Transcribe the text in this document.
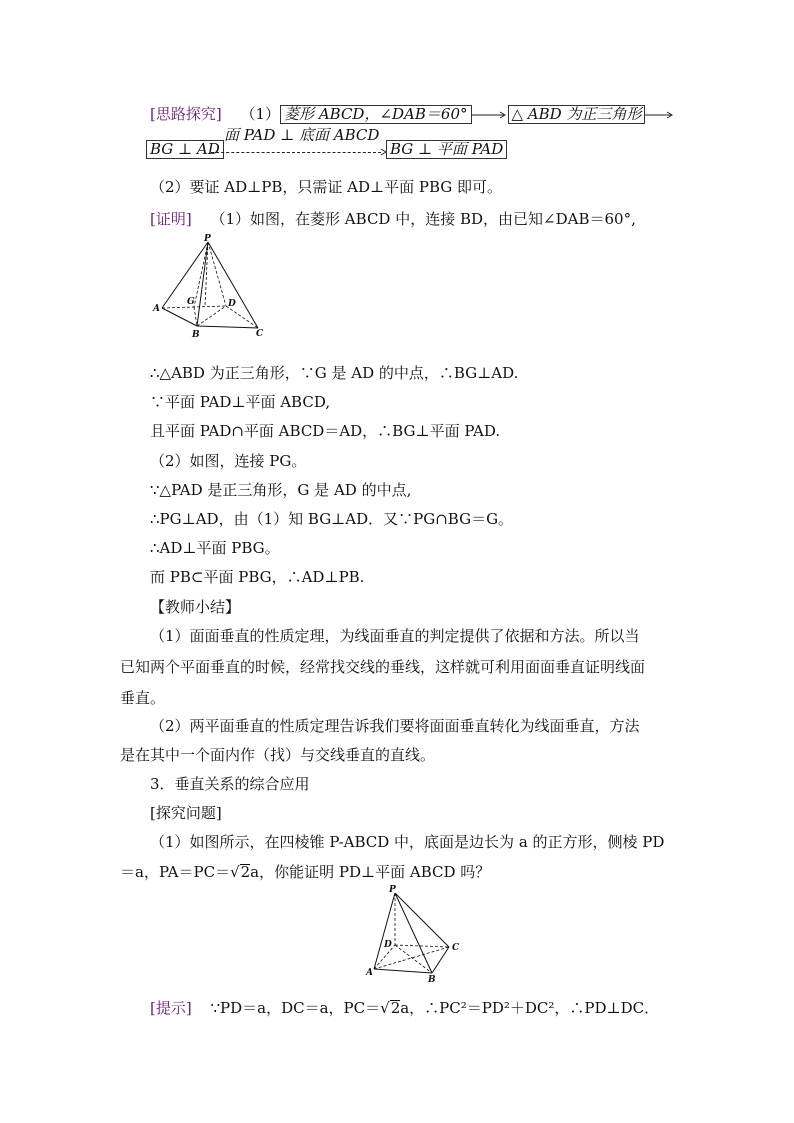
[思路探究] （1） 菱形 ABCD，∠DAB＝60°	△ ABD 为正三角形
面 PAD ⊥ 底面 ABCD
BG ⊥ AD	BG ⊥ 平面 PAD
（2）要证 AD⊥PB，只需证 AD⊥平面 PBG 即可。
[证明] （1）如图，在菱形 ABCD 中，连接 BD，由已知∠DAB＝60°,
P
A
G	D
B	C
∴△ABD 为正三角形，∵G 是 AD 的中点，∴BG⊥AD.
∵平面 PAD⊥平面 ABCD,
且平面 PAD∩平面 ABCD＝AD，∴BG⊥平面 PAD.
（2）如图，连接 PG。
∵△PAD 是正三角形，G 是 AD 的中点,
∴PG⊥AD，由（1）知 BG⊥AD．又∵PG∩BG＝G。
∴AD⊥平面 PBG。
而 PB⊂平面 PBG，∴AD⊥PB.
【教师小结】
（1）面面垂直的性质定理，为线面垂直的判定提供了依据和方法。所以当
已知两个平面垂直的时候，经常找交线的垂线，这样就可利用面面垂直证明线面
垂直。
（2）两平面垂直的性质定理告诉我们要将面面垂直转化为线面垂直，方法
是在其中一个面内作（找）与交线垂直的直线。
3．垂直关系的综合应用
[探究问题]
（1）如图所示，在四棱锥 P-ABCD 中，底面是边长为 a 的正方形，侧棱 PD
＝a，PA＝PC＝√2a，你能证明 PD⊥平面 ABCD 吗？
P
D	C
A
B
[提示] ∵PD＝a，DC＝a，PC＝√2a，∴PC²＝PD²＋DC²，∴PD⊥DC．
